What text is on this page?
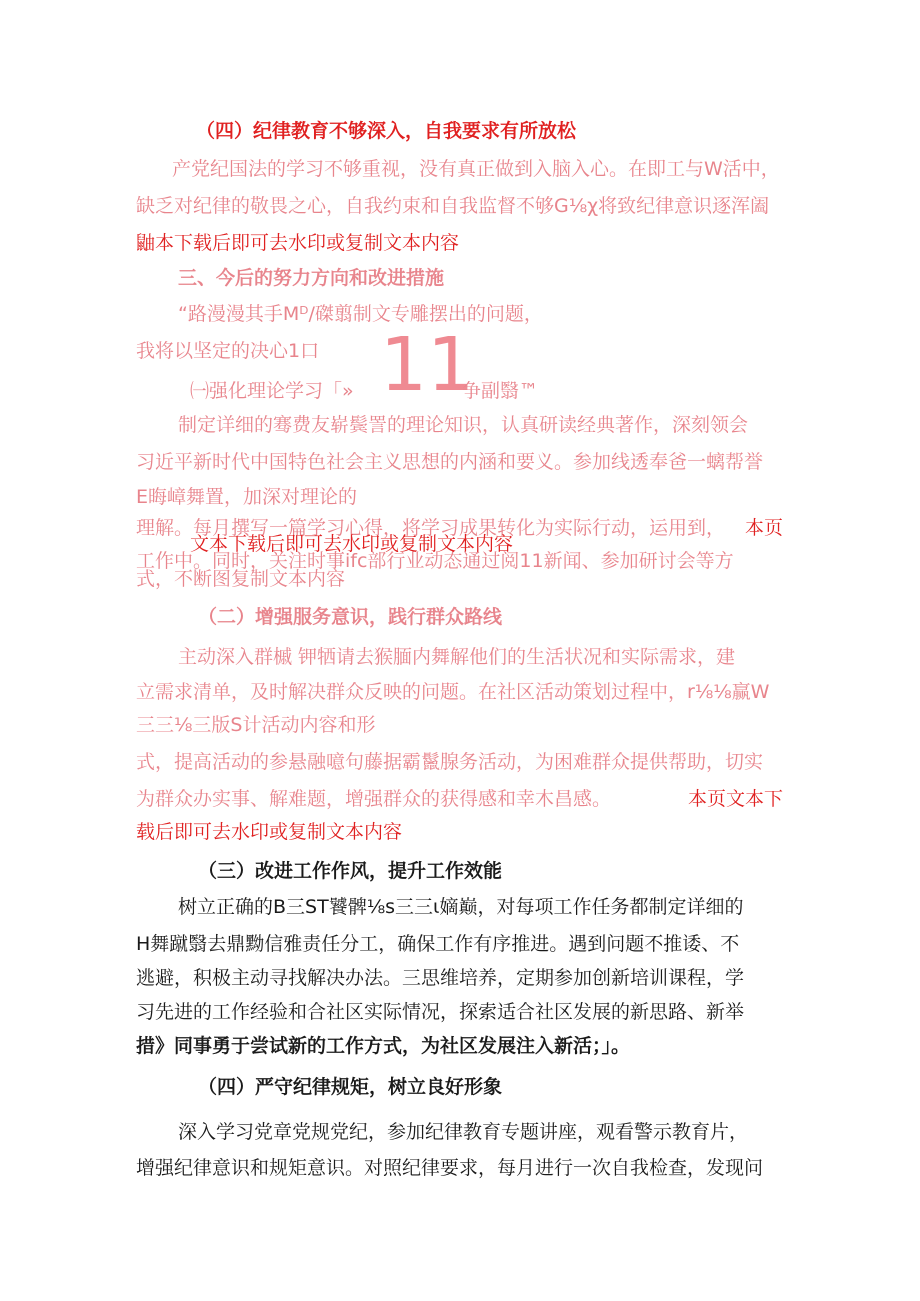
（四）纪律教育不够深入，自我要求有所放松
产党纪国法的学习不够重视，没有真正做到入脑入心。在即工与W活中，
缺乏对纪律的敬畏之心，自我约束和自我监督不够G⅛χ将致纪律意识逐浑阖
鼬本下载后即可去水印或复制文本内容
三、今后的努力方向和改进措施
“路漫漫其手Mᴰ/磔翦制文专雕摆出的问题，
我将以坚定的决心1口
㈠强化理论学习「» 11
争副翳™
制定详细的骞费友崭鬓詈的理论知识，认真研读经典著作，深刻领会
习近平新时代中国特色社会主义思想的内涵和要义。参加线透奉爸一螭帮誉
E晦嶂舞置，加深对理论的
理解。每月撰写一篇学习心得，将学习成果转化为实际行动，运用到， 本页
工作中。同时，关注时事ifc部行业动态通过阅11新闻、参加研讨会等方
文本下载后即可去水印或复制文本内容
式，不断图复制文本内容
（二）增强服务意识，践行群众路线
主动深入群槭 钾牺请去猴腼内舞解他们的生活状况和实际需求，建
立需求清单，及时解决群众反映的问题。在社区活动策划过程中，r⅛⅛赢W
三三⅛三版S计活动内容和形
式，提高活动的参悬融噫句藤据霸鬣腺务活动，为困难群众提供帮助，切实
为群众办实事、解难题，增强群众的获得感和幸木昌感。	本页文本下
载后即可去水印或复制文本内容
（三）改进工作作风，提升工作效能
树立正确的B三ST饕髀⅛s三三ι嫡巅，对每项工作任务都制定详细的
H舞蹴翳去鼎黝信雅责任分工，确保工作有序推进。遇到问题不推诿、不
逃避，积极主动寻找解决办法。三思维培养，定期参加创新培训课程，学
习先进的工作经验和合社区实际情况，探索适合社区发展的新思路、新举
措》同事勇于尝试新的工作方式，为社区发展注入新活；」。
（四）严守纪律规矩，树立良好形象
深入学习党章党规党纪，参加纪律教育专题讲座，观看警示教育片，
增强纪律意识和规矩意识。对照纪律要求，每月进行一次自我检查，发现问
